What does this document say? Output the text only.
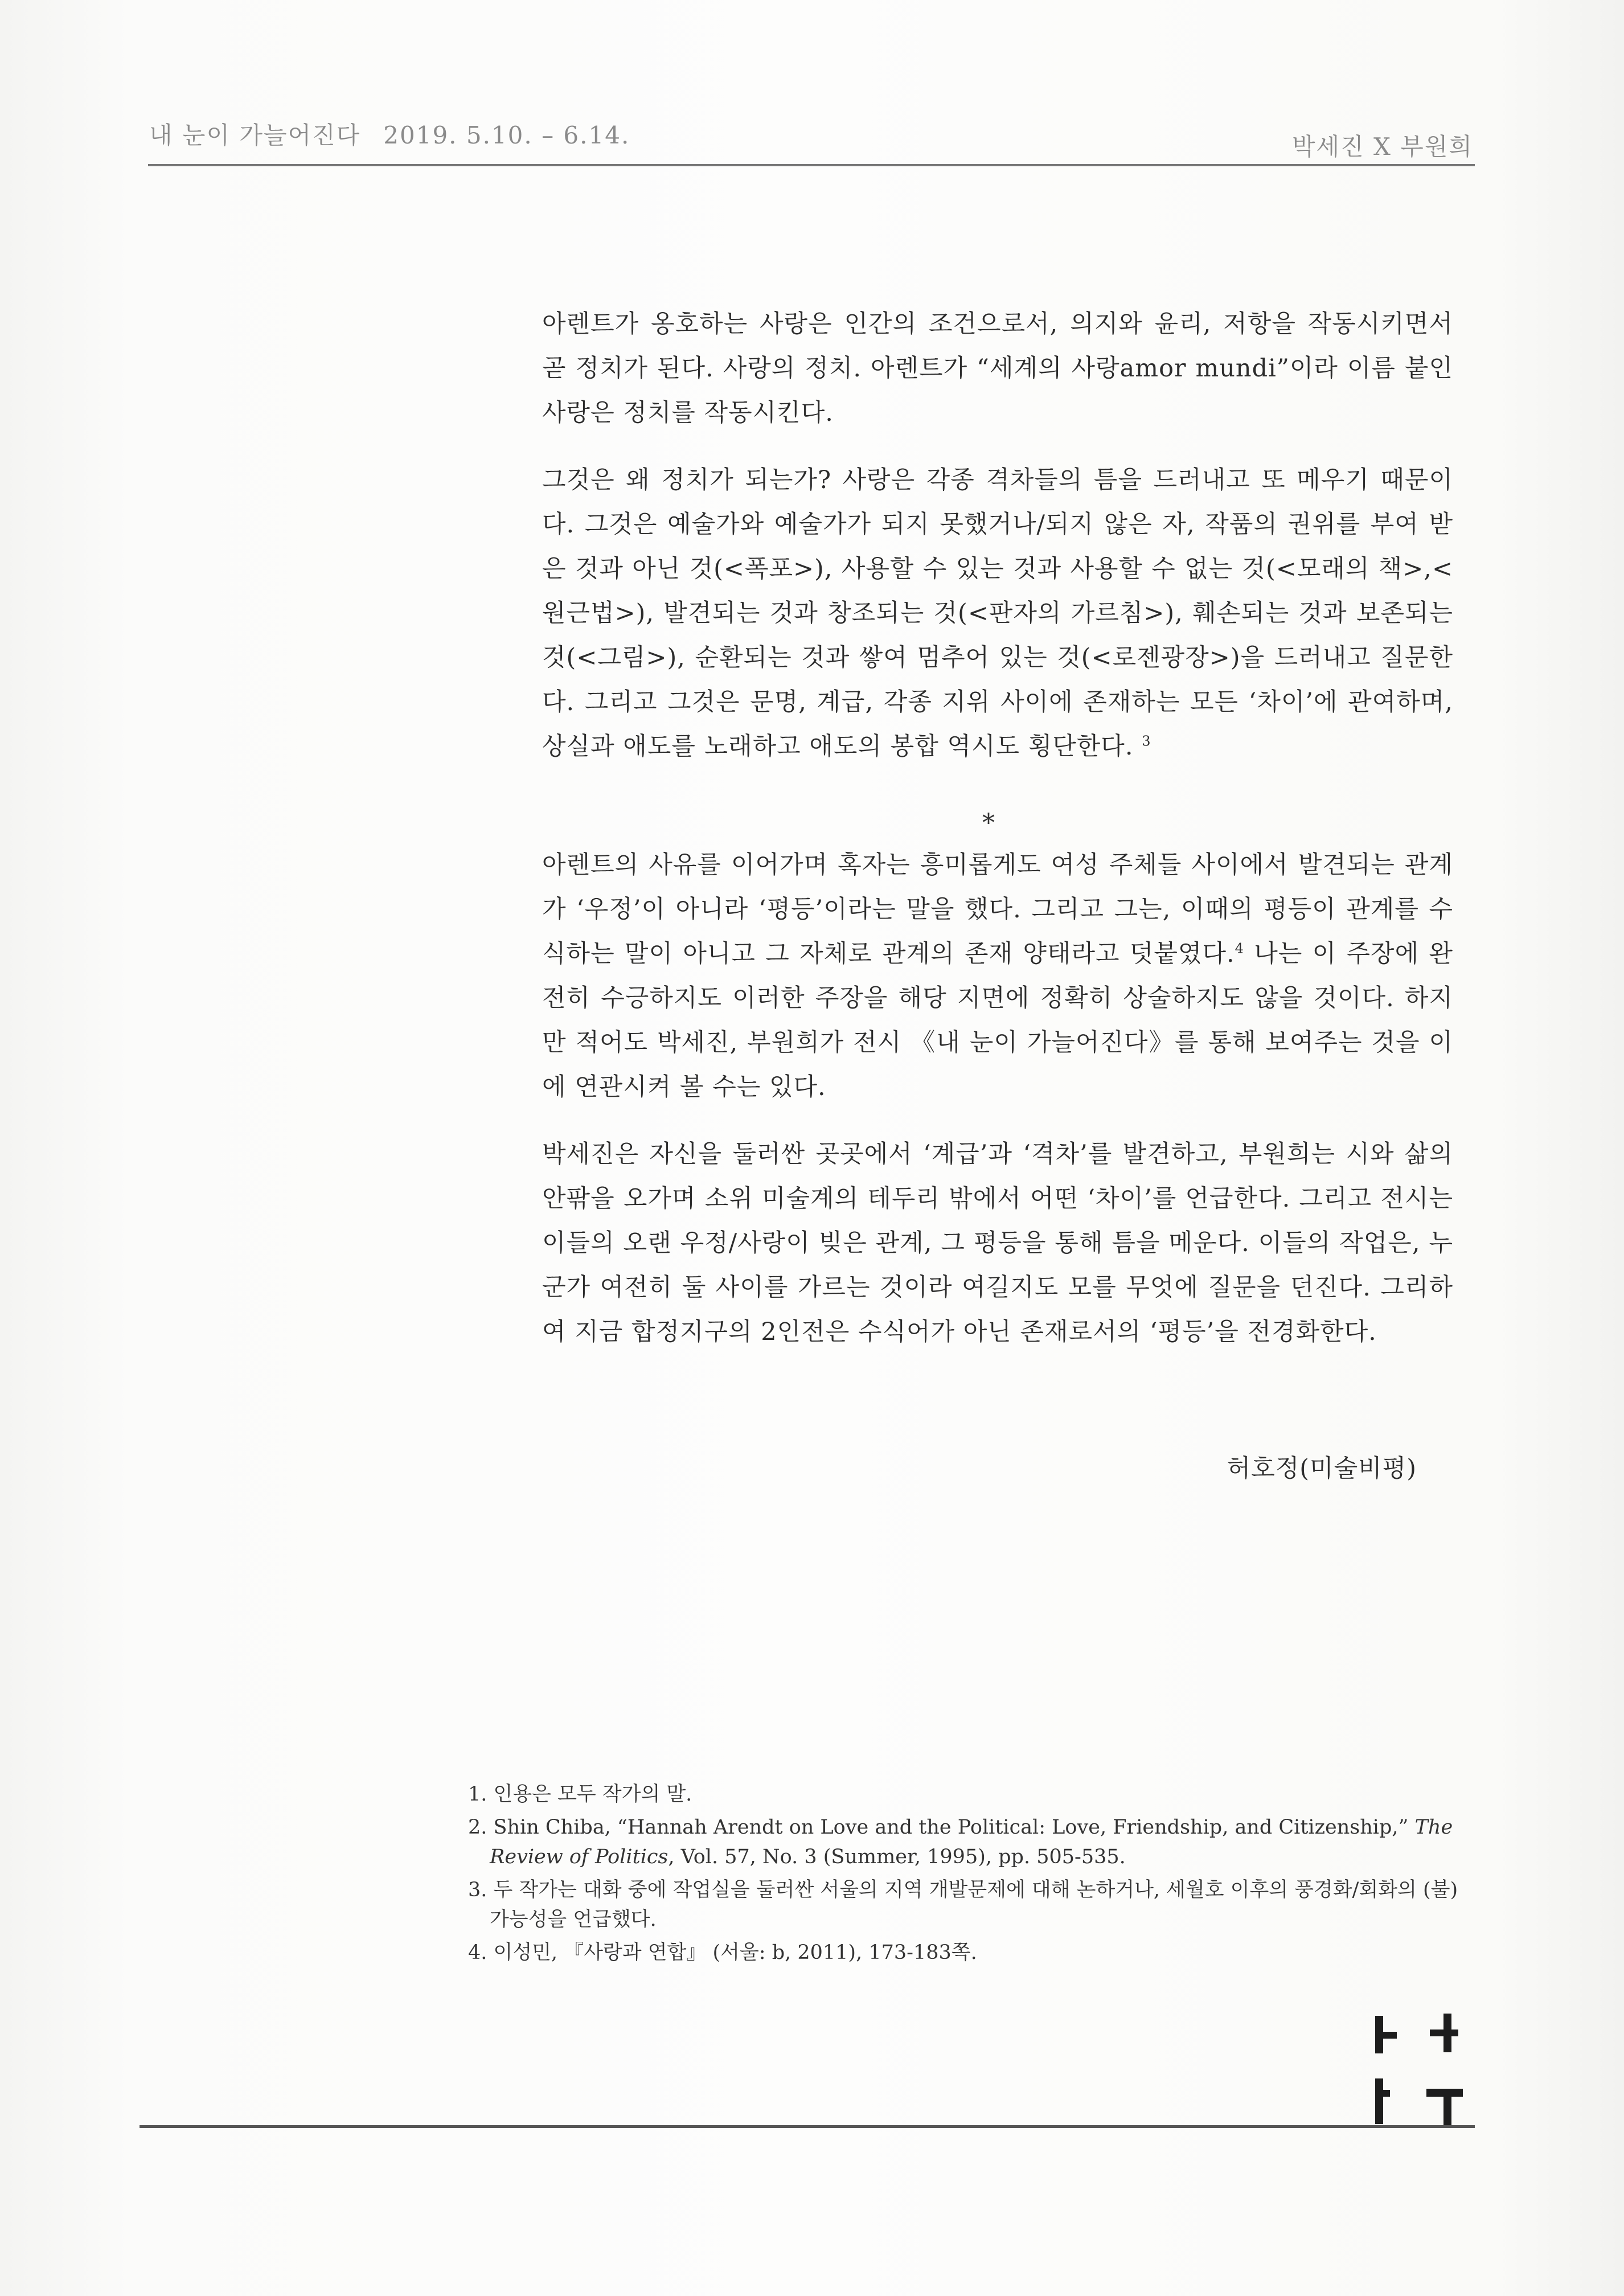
내 눈이 가늘어진다 2019. 5.10. – 6.14.	박세진 X 부원희

아렌트가 옹호하는 사랑은 인간의 조건으로서, 의지와 윤리, 저항을 작동시키면서 곧 정치가 된다. 사랑의 정치. 아렌트가 “세계의 사랑amor mundi”이라 이름 붙인 사랑은 정치를 작동시킨다.

그것은 왜 정치가 되는가? 사랑은 각종 격차들의 틈을 드러내고 또 메우기 때문이다. 그것은 예술가와 예술가가 되지 못했거나/되지 않은 자, 작품의 권위를 부여 받은 것과 아닌 것(<폭포>), 사용할 수 있는 것과 사용할 수 없는 것(<모래의 책>,<원근법>), 발견되는 것과 창조되는 것(<판자의 가르침>), 훼손되는 것과 보존되는 것(<그림>), 순환되는 것과 쌓여 멈추어 있는 것(<로젠광장>)을 드러내고 질문한다. 그리고 그것은 문명, 계급, 각종 지위 사이에 존재하는 모든 ‘차이’에 관여하며, 상실과 애도를 노래하고 애도의 봉합 역시도 횡단한다. $^3$

*

아렌트의 사유를 이어가며 혹자는 흥미롭게도 여성 주체들 사이에서 발견되는 관계가 ‘우정’이 아니라 ‘평등’이라는 말을 했다. 그리고 그는, 이때의 평등이 관계를 수식하는 말이 아니고 그 자체로 관계의 존재 양태라고 덧붙였다.$^4$ 나는 이 주장에 완전히 수긍하지도 이러한 주장을 해당 지면에 정확히 상술하지도 않을 것이다. 하지만 적어도 박세진, 부원희가 전시 《내 눈이 가늘어진다》를 통해 보여주는 것을 이에 연관시켜 볼 수는 있다.

박세진은 자신을 둘러싼 곳곳에서 ‘계급’과 ‘격차’를 발견하고, 부원희는 시와 삶의 안팎을 오가며 소위 미술계의 테두리 밖에서 어떤 ‘차이’를 언급한다. 그리고 전시는 이들의 오랜 우정/사랑이 빚은 관계, 그 평등을 통해 틈을 메운다. 이들의 작업은, 누군가 여전히 둘 사이를 가르는 것이라 여길지도 모를 무엇에 질문을 던진다. 그리하여 지금 합정지구의 2인전은 수식어가 아닌 존재로서의 ‘평등’을 전경화한다.

허호정(미술비평)

1. 인용은 모두 작가의 말.

2. Shin Chiba, “Hannah Arendt on Love and the Political: Love, Friendship, and Citizenship,” The Review of Politics, Vol. 57, No. 3 (Summer, 1995), pp. 505-535.

3. 두 작가는 대화 중에 작업실을 둘러싼 서울의 지역 개발문제에 대해 논하거나, 세월호 이후의 풍경화/회화의 (불)가능성을 언급했다.

4. 이성민, 『사랑과 연합』 (서울: b, 2011), 173-183쪽.
